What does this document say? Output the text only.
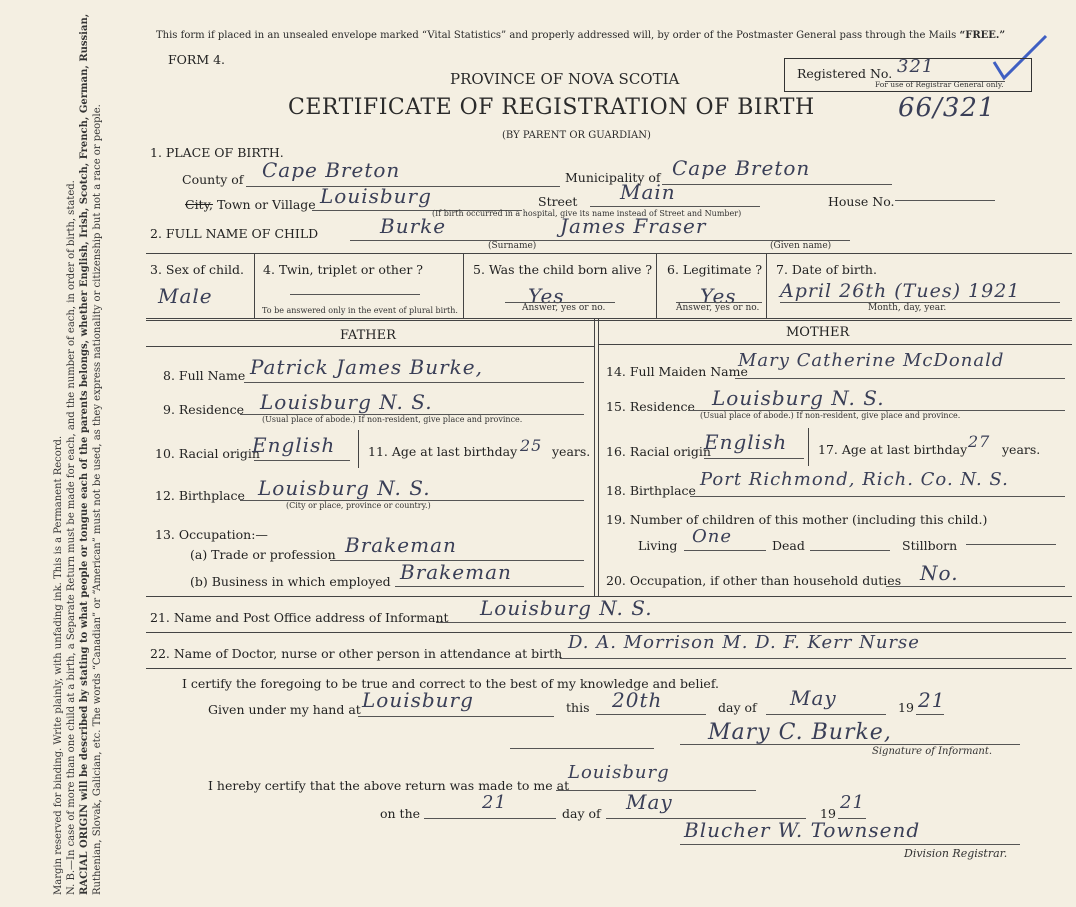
Margin reserved for binding. Write plainly, with unfading ink. This is a Permanent Record. N. B.—In case of more than one child at a birth, a Separate Return must be made for each, and the number of each, in order of birth, stated. RACIAL ORIGIN will be described by stating to what people or tongue each of the parents belongs, whether English, Irish, Scotch, French, German, Russian, Ruthenian, Slovak, Galician, etc. The words “Canadian” or “American” must not be used, as they express nationality or citizenship but not a race or people.
This form if placed in an unsealed envelope marked “Vital Statistics” and properly addressed will, by order of the Postmaster General pass through the Mails “FREE.”
FORM 4.
PROVINCE OF NOVA SCOTIA
CERTIFICATE OF REGISTRATION OF BIRTH
(BY PARENT OR GUARDIAN)
66/321
Registered No. 321
For use of Registrar General only.
1. PLACE OF BIRTH.
County of Cape Breton	Municipality of Cape Breton
City, Town or Village Louisburg	Street Main	House No.
(If birth occurred in a hospital, give its name instead of Street and Number)
2. FULL NAME OF CHILD	Burke	James Fraser
(Surname)	(Given name)
3. Sex of child.
Male
4. Twin, triplet or other ?
To be answered only in the event of plural birth.
5. Was the child born alive ?
Yes
Answer, yes or no.
6. Legitimate ?
Yes
Answer, yes or no.
7. Date of birth.
April 26th (Tues) 1921
Month, day, year.
FATHER	MOTHER
8. Full Name Patrick James Burke,
9. Residence Louisburg N. S.
(Usual place of abode.) If non-resident, give place and province.
10. Racial origin
English	11. Age at last birthday 25 years.
12. Birthplace Louisburg N. S.
(City or place, province or country.)
13. Occupation:—
(a) Trade or profession Brakeman
(b) Business in which employed Brakeman
14. Full Maiden Name
Mary Catherine McDonald
15. Residence Louisburg N. S.
(Usual place of abode.) If non-resident, give place and province.
16. Racial origin
English 17. Age at last birthday 27 years.
18. Birthplace
Port Richmond, Rich. Co. N. S.
19. Number of children of this mother (including this child.)
Living One	Dead	Stillborn
20. Occupation, if other than household duties No.
21. Name and Post Office address of Informant Louisburg N. S.
22. Name of Doctor, nurse or other person in attendance at birth
D. A. Morrison M. D. F. Kerr Nurse
I certify the foregoing to be true and correct to the best of my knowledge and belief.
Given under my hand at Louisburg	this 20th	day of May	19 21
Mary C. Burke,
Signature of Informant.
I hereby certify that the above return was made to me at
Louisburg
on the
21
day of May	19
21
Blucher W. Townsend
Division Registrar.
